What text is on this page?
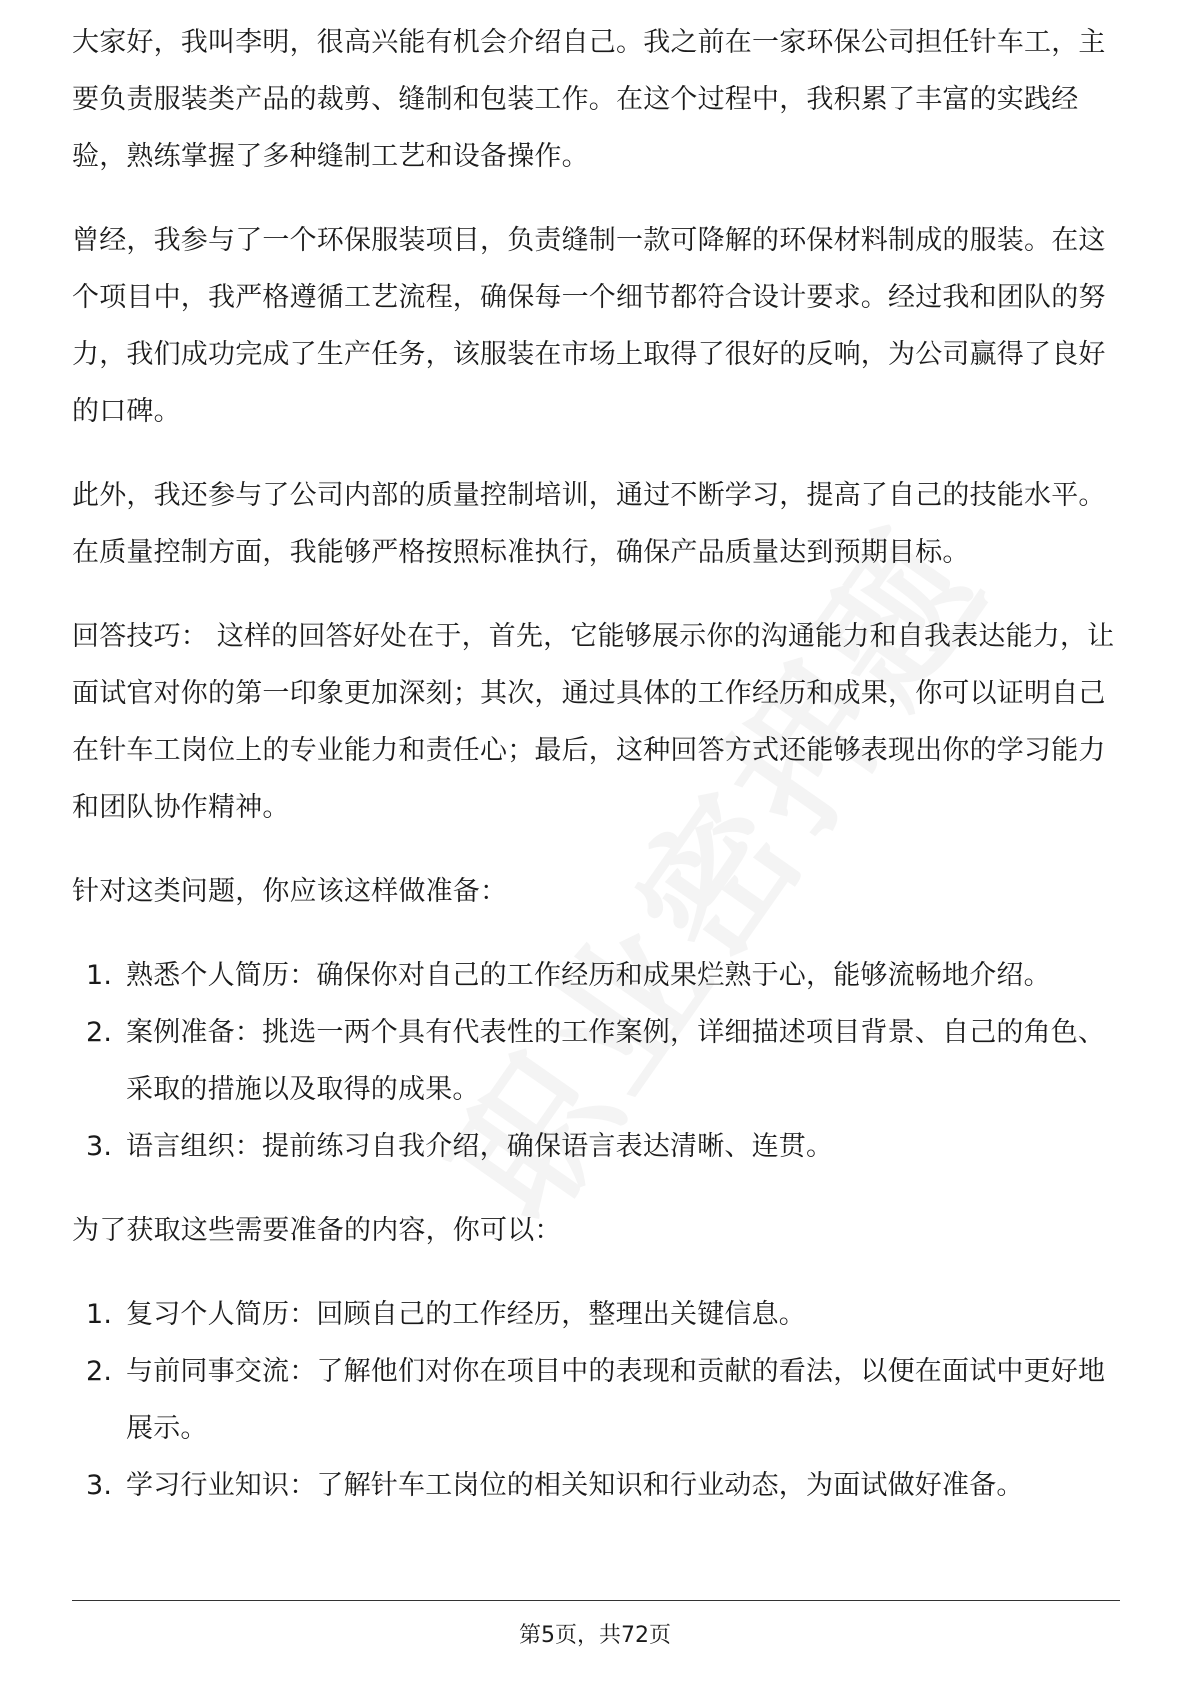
大家好，我叫李明，很高兴能有机会介绍自己。我之前在一家环保公司担任针车工，主要负责服装类产品的裁剪、缝制和包装工作。在这个过程中，我积累了丰富的实践经验，熟练掌握了多种缝制工艺和设备操作。

曾经，我参与了一个环保服装项目，负责缝制一款可降解的环保材料制成的服装。在这个项目中，我严格遵循工艺流程，确保每一个细节都符合设计要求。经过我和团队的努力，我们成功完成了生产任务，该服装在市场上取得了很好的反响，为公司赢得了良好的口碑。

此外，我还参与了公司内部的质量控制培训，通过不断学习，提高了自己的技能水平。在质量控制方面，我能够严格按照标准执行，确保产品质量达到预期目标。

回答技巧： 这样的回答好处在于，首先，它能够展示你的沟通能力和自我表达能力，让面试官对你的第一印象更加深刻；其次，通过具体的工作经历和成果，你可以证明自己在针车工岗位上的专业能力和责任心；最后，这种回答方式还能够表现出你的学习能力和团队协作精神。

针对这类问题，你应该这样做准备：

1. 熟悉个人简历：确保你对自己的工作经历和成果烂熟于心，能够流畅地介绍。
2. 案例准备：挑选一两个具有代表性的工作案例，详细描述项目背景、自己的角色、采取的措施以及取得的成果。
3. 语言组织：提前练习自我介绍，确保语言表达清晰、连贯。

为了获取这些需要准备的内容，你可以：

1. 复习个人简历：回顾自己的工作经历，整理出关键信息。
2. 与前同事交流：了解他们对你在项目中的表现和贡献的看法，以便在面试中更好地展示。
3. 学习行业知识：了解针车工岗位的相关知识和行业动态，为面试做好准备。
第5页，共72页
